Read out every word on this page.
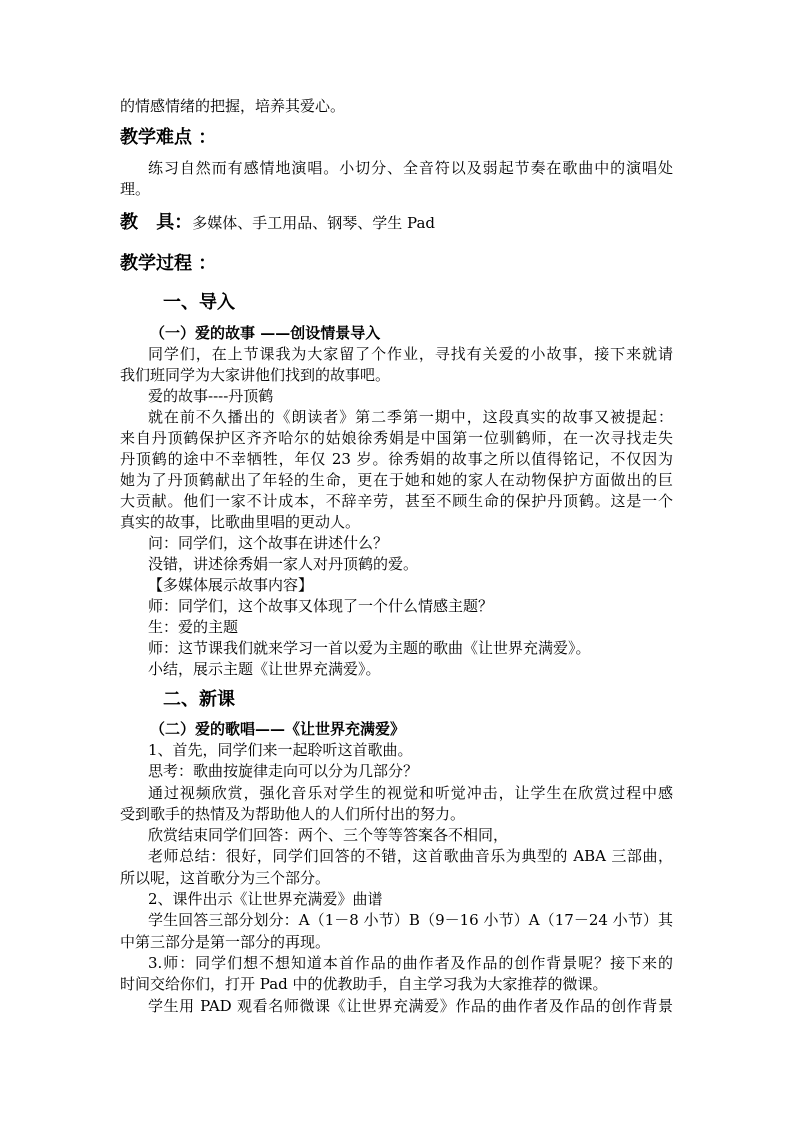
的情感情绪的把握，培养其爱心。
教学难点 ：
练习自然而有感情地演唱。小切分、全音符以及弱起节奏在歌曲中的演唱处
理。
教 具：多媒体、手工用品、钢琴、学生 Pad
教学过程 ：
一、导入
（一）爱的故事 ——创设情景导入
同学们，在上节课我为大家留了个作业，寻找有关爱的小故事，接下来就请
我们班同学为大家讲他们找到的故事吧。
爱的故事----丹顶鹤
就在前不久播出的《朗读者》第二季第一期中，这段真实的故事又被提起：
来自丹顶鹤保护区齐齐哈尔的姑娘徐秀娟是中国第一位驯鹤师，在一次寻找走失
丹顶鹤的途中不幸牺牲，年仅 23 岁。徐秀娟的故事之所以值得铭记，不仅因为
她为了丹顶鹤献出了年轻的生命，更在于她和她的家人在动物保护方面做出的巨
大贡献。他们一家不计成本，不辞辛劳，甚至不顾生命的保护丹顶鹤。这是一个
真实的故事，比歌曲里唱的更动人。
问：同学们，这个故事在讲述什么？
没错，讲述徐秀娟一家人对丹顶鹤的爱。
【多媒体展示故事内容】
师：同学们，这个故事又体现了一个什么情感主题？
生：爱的主题
师：这节课我们就来学习一首以爱为主题的歌曲《让世界充满爱》。
小结，展示主题《让世界充满爱》。
二、新课
（二）爱的歌唱——《让世界充满爱》
1、首先，同学们来一起聆听这首歌曲。
思考：歌曲按旋律走向可以分为几部分？
通过视频欣赏，强化音乐对学生的视觉和听觉冲击，让学生在欣赏过程中感
受到歌手的热情及为帮助他人的人们所付出的努力。
欣赏结束同学们回答：两个、三个等等答案各不相同，
老师总结：很好，同学们回答的不错，这首歌曲音乐为典型的 ABA 三部曲，
所以呢，这首歌分为三个部分。
2、课件出示《让世界充满爱》曲谱
学生回答三部分划分：A（1－8 小节）B（9－16 小节）A（17－24 小节）其
中第三部分是第一部分的再现。
3.师：同学们想不想知道本首作品的曲作者及作品的创作背景呢？接下来的
时间交给你们，打开 Pad 中的优教助手，自主学习我为大家推荐的微课。
学生用 PAD 观看名师微课《让世界充满爱》作品的曲作者及作品的创作背景
